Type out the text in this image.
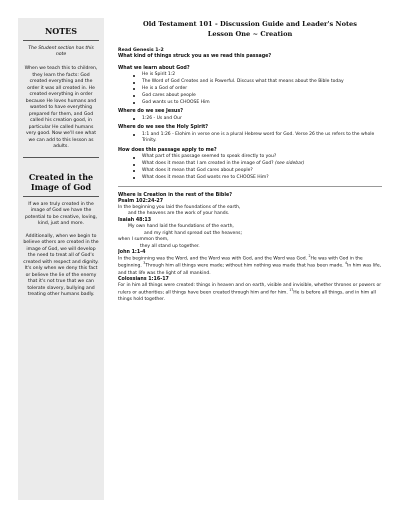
NOTES

The Student section has this note

When we teach this to children, they learn the facts: God created everything and the order it was all created in. He created everything in order because He loves humans and wanted to have everything prepared for them, and God called his creation good, in particular He called humans very good. Now we'll see what we can add to this lesson as adults.

Created in the Image of God

If we are truly created in the image of God we have the potential to be creative, loving, kind, just and more.

Additionally, when we begin to believe others are created in the image of God, we will develop the need to treat all of God's created with respect and dignity. It's only when we deny this fact or believe the lie of the enemy that it's not true that we can tolerate slavery, bullying and treating other humans badly.

Old Testament 101 - Discussion Guide and Leader's Notes
Lesson One ~ Creation

Read Genesis 1-2

What kind of things struck you as we read this passage?

What we learn about God?

He is Spirit 1:2
The Word of God Creates and is Powerful. Discuss what that means about the Bible today
He is a God of order
God cares about people
God wants us to CHOOSE Him

Where do we see Jesus?

1:26 - Us and Our

Where do we see the Holy Spirit?

1:1 and 1:26 - Elohim in verse one is a plural Hebrew word for God. Verse 26 the us refers to the whole Trinity.

How does this passage apply to me?

What part of this passage seemed to speak directly to you?
What does it mean that I am created in the image of God? (see sidebar)
What does it mean that God cares about people?
What does it mean that God wants me to CHOOSE Him?

Where is Creation in the rest of the Bible?

Psalm 102:24-27

In the beginning you laid the foundations of the earth,

and the heavens are the work of your hands.

Isaiah 48:13

My own hand laid the foundations of the earth,

and my right hand spread out the heavens;

when I summon them,

they all stand up together.

John 1:1-4

In the beginning was the Word, and the Word was with God, and the Word was God. $^2$He was with God in the beginning. $^3$Through him all things were made; without him nothing was made that has been made. $^4$In him was life, and that life was the light of all mankind.

Colossians 1:16-17

For in him all things were created: things in heaven and on earth, visible and invisible, whether thrones or powers or rulers or authorities; all things have been created through him and for him. $^{17}$He is before all things, and in him all things hold together.
